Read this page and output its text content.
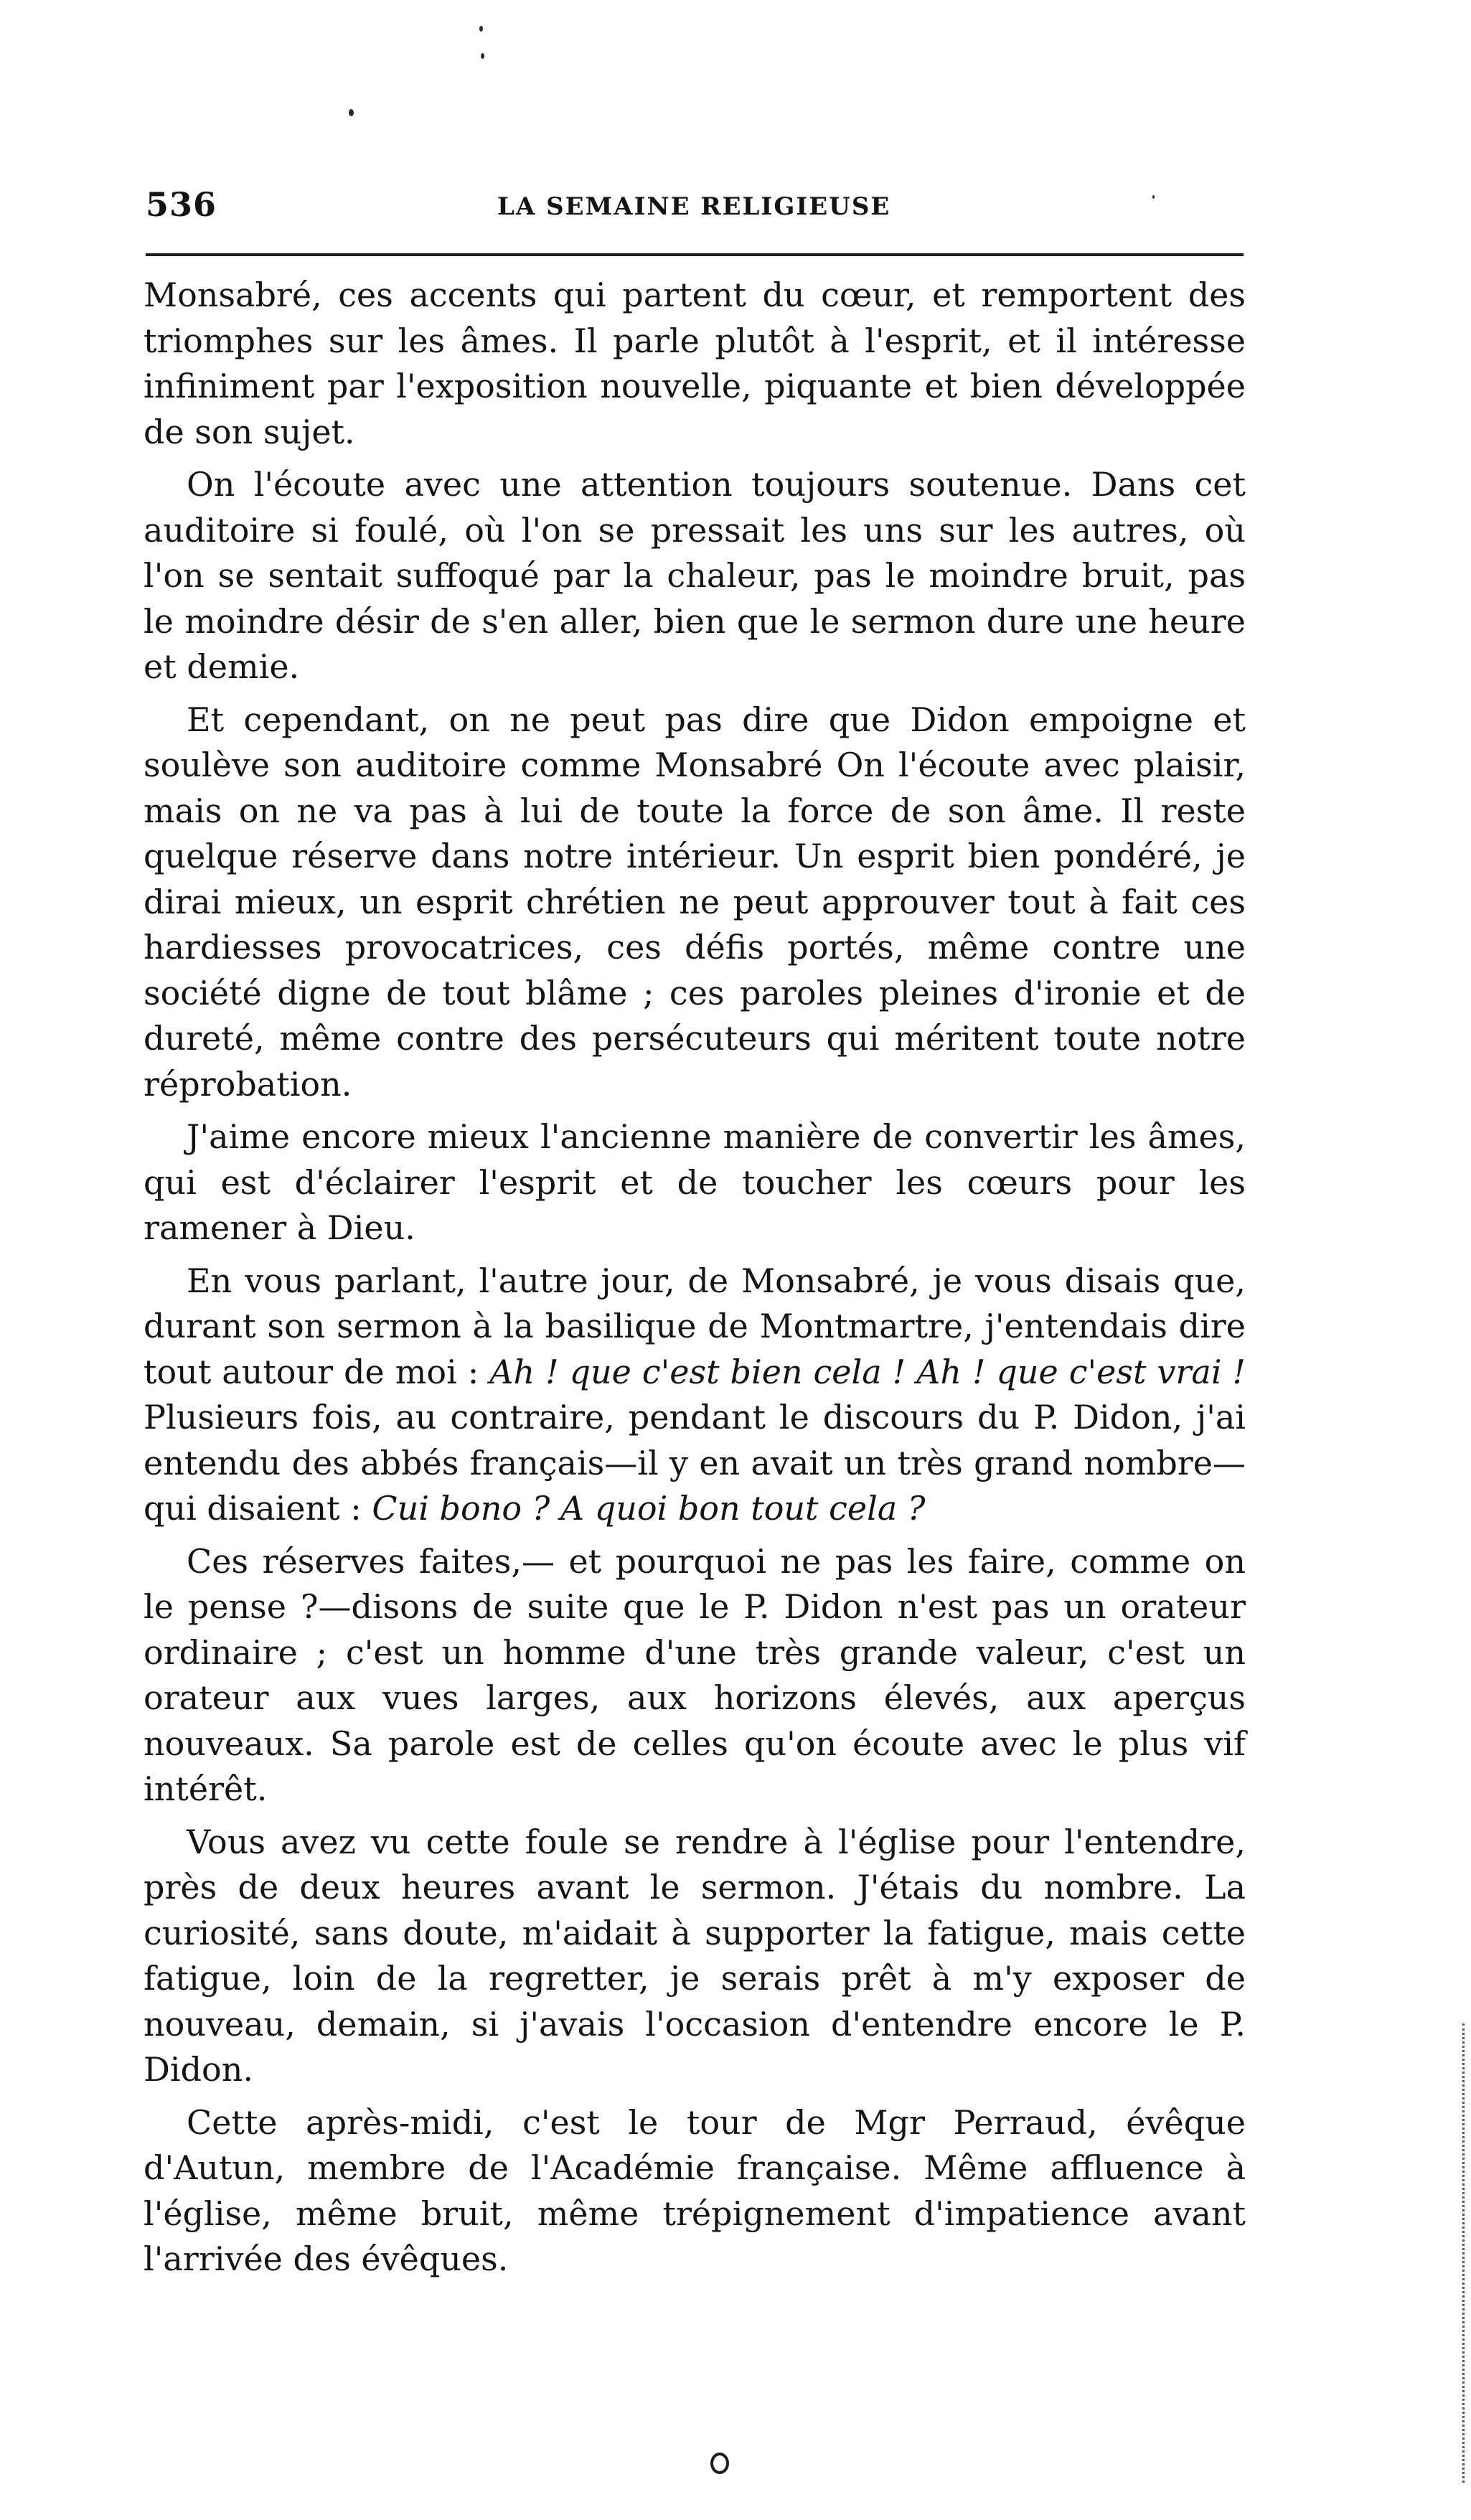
536	LA SEMAINE RELIGIEUSE

Monsabré, ces accents qui partent du cœur, et remportent des triomphes sur les âmes. Il parle plutôt à l'esprit, et il intéresse infiniment par l'exposition nouvelle, piquante et bien développée de son sujet.

On l'écoute avec une attention toujours soutenue. Dans cet auditoire si foulé, où l'on se pressait les uns sur les autres, où l'on se sentait suffoqué par la chaleur, pas le moindre bruit, pas le moindre désir de s'en aller, bien que le sermon dure une heure et demie.

Et cependant, on ne peut pas dire que Didon empoigne et soulève son auditoire comme Monsabré On l'écoute avec plaisir, mais on ne va pas à lui de toute la force de son âme. Il reste quelque réserve dans notre intérieur. Un esprit bien pondéré, je dirai mieux, un esprit chrétien ne peut approuver tout à fait ces hardiesses provocatrices, ces défis portés, même contre une société digne de tout blâme ; ces paroles pleines d'ironie et de dureté, même contre des persécuteurs qui méritent toute notre réprobation.

J'aime encore mieux l'ancienne manière de convertir les âmes, qui est d'éclairer l'esprit et de toucher les cœurs pour les ramener à Dieu.

En vous parlant, l'autre jour, de Monsabré, je vous disais que, durant son sermon à la basilique de Montmartre, j'entendais dire tout autour de moi : Ah ! que c'est bien cela ! Ah ! que c'est vrai ! Plusieurs fois, au contraire, pendant le discours du P. Didon, j'ai entendu des abbés français—il y en avait un très grand nombre— qui disaient : Cui bono ? A quoi bon tout cela ?

Ces réserves faites,— et pourquoi ne pas les faire, comme on le pense ?—disons de suite que le P. Didon n'est pas un orateur ordinaire ; c'est un homme d'une très grande valeur, c'est un orateur aux vues larges, aux horizons élevés, aux aperçus nouveaux. Sa parole est de celles qu'on écoute avec le plus vif intérêt.

Vous avez vu cette foule se rendre à l'église pour l'entendre, près de deux heures avant le sermon. J'étais du nombre. La curiosité, sans doute, m'aidait à supporter la fatigue, mais cette fatigue, loin de la regretter, je serais prêt à m'y exposer de nouveau, demain, si j'avais l'occasion d'entendre encore le P. Didon.

Cette après-midi, c'est le tour de Mgr Perraud, évêque d'Autun, membre de l'Académie française. Même affluence à l'église, même bruit, même trépignement d'impatience avant l'arrivée des évêques.
